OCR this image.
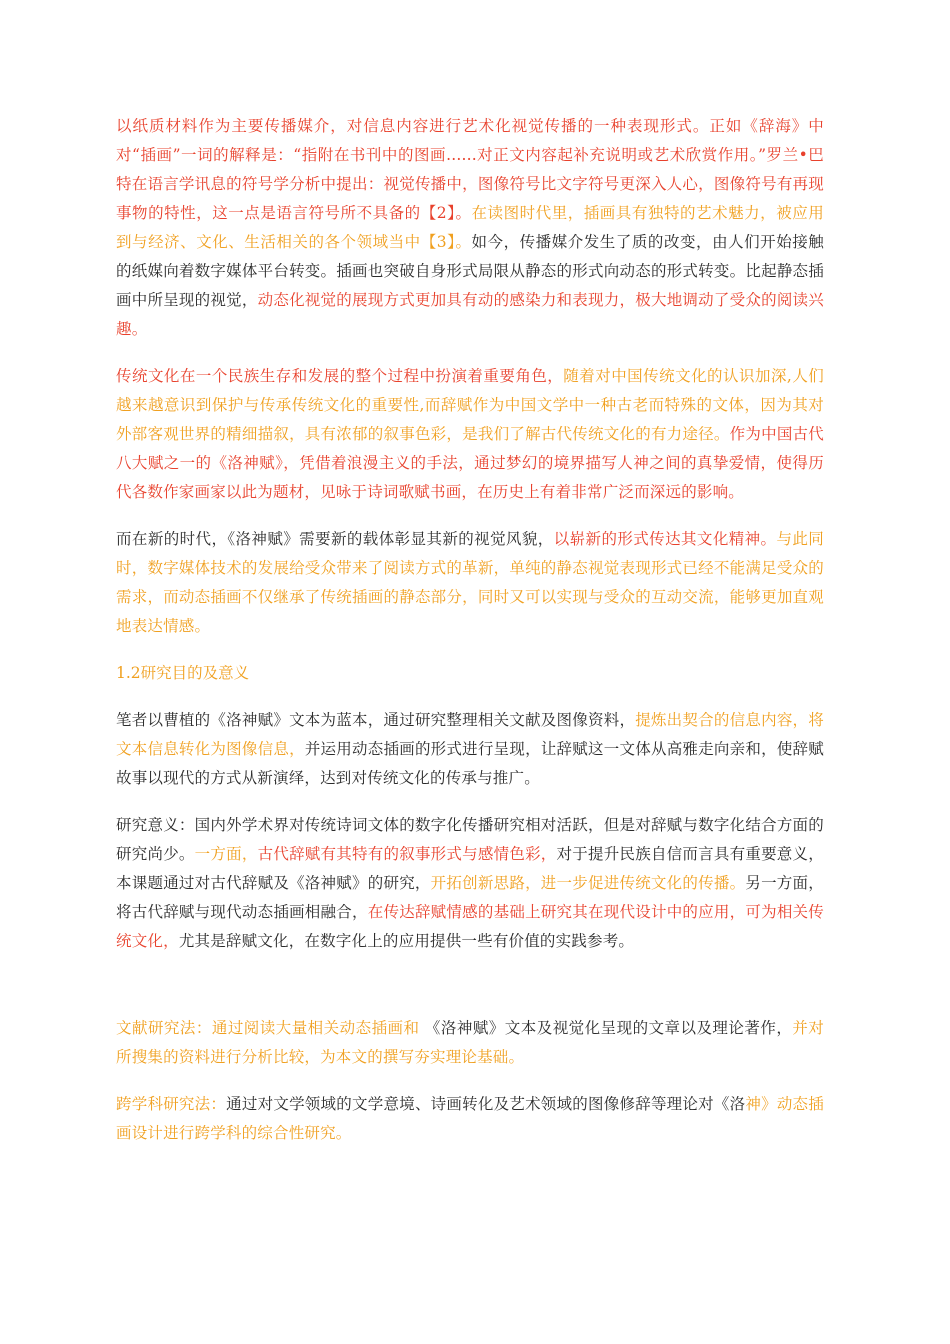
以纸质材料作为主要传播媒介，对信息内容进行艺术化视觉传播的一种表现形式。正如《辞海》中对“插画”一词的解释是：“指附在书刊中的图画......对正文内容起补充说明或艺术欣赏作用。”罗兰•巴特在语言学讯息的符号学分析中提出：视觉传播中，图像符号比文字符号更深入人心，图像符号有再现事物的特性，这一点是语言符号所不具备的【2】。在读图时代里，插画具有独特的艺术魅力，被应用到与经济、文化、生活相关的各个领域当中【3】。如今，传播媒介发生了质的改变，由人们开始接触的纸媒向着数字媒体平台转变。插画也突破自身形式局限从静态的形式向动态的形式转变。比起静态插画中所呈现的视觉，动态化视觉的展现方式更加具有动的感染力和表现力，极大地调动了受众的阅读兴趣。

传统文化在一个民族生存和发展的整个过程中扮演着重要角色，随着对中国传统文化的认识加深,人们越来越意识到保护与传承传统文化的重要性,而辞赋作为中国文学中一种古老而特殊的文体，因为其对外部客观世界的精细描叙，具有浓郁的叙事色彩，是我们了解古代传统文化的有力途径。作为中国古代八大赋之一的《洛神赋》，凭借着浪漫主义的手法，通过梦幻的境界描写人神之间的真挚爱情，使得历代各数作家画家以此为题材，见咏于诗词歌赋书画，在历史上有着非常广泛而深远的影响。

而在新的时代，《洛神赋》需要新的载体彰显其新的视觉风貌，以崭新的形式传达其文化精神。与此同时，数字媒体技术的发展给受众带来了阅读方式的革新，单纯的静态视觉表现形式已经不能满足受众的需求，而动态插画不仅继承了传统插画的静态部分，同时又可以实现与受众的互动交流，能够更加直观地表达情感。

1.2研究目的及意义

笔者以曹植的《洛神赋》文本为蓝本，通过研究整理相关文献及图像资料，提炼出契合的信息内容，将文本信息转化为图像信息，并运用动态插画的形式进行呈现，让辞赋这一文体从高雅走向亲和，使辞赋故事以现代的方式从新演绎，达到对传统文化的传承与推广。

研究意义：国内外学术界对传统诗词文体的数字化传播研究相对活跃，但是对辞赋与数字化结合方面的研究尚少。一方面，古代辞赋有其特有的叙事形式与感情色彩，对于提升民族自信而言具有重要意义，本课题通过对古代辞赋及《洛神赋》的研究，开拓创新思路，进一步促进传统文化的传播。另一方面，将古代辞赋与现代动态插画相融合，在传达辞赋情感的基础上研究其在现代设计中的应用，可为相关传统文化，尤其是辞赋文化，在数字化上的应用提供一些有价值的实践参考。

文献研究法：通过阅读大量相关动态插画和 《洛神赋》文本及视觉化呈现的文章以及理论著作，并对所搜集的资料进行分析比较，为本文的撰写夯实理论基础。

跨学科研究法：通过对文学领域的文学意境、诗画转化及艺术领域的图像修辞等理论对《洛神》动态插画设计进行跨学科的综合性研究。
